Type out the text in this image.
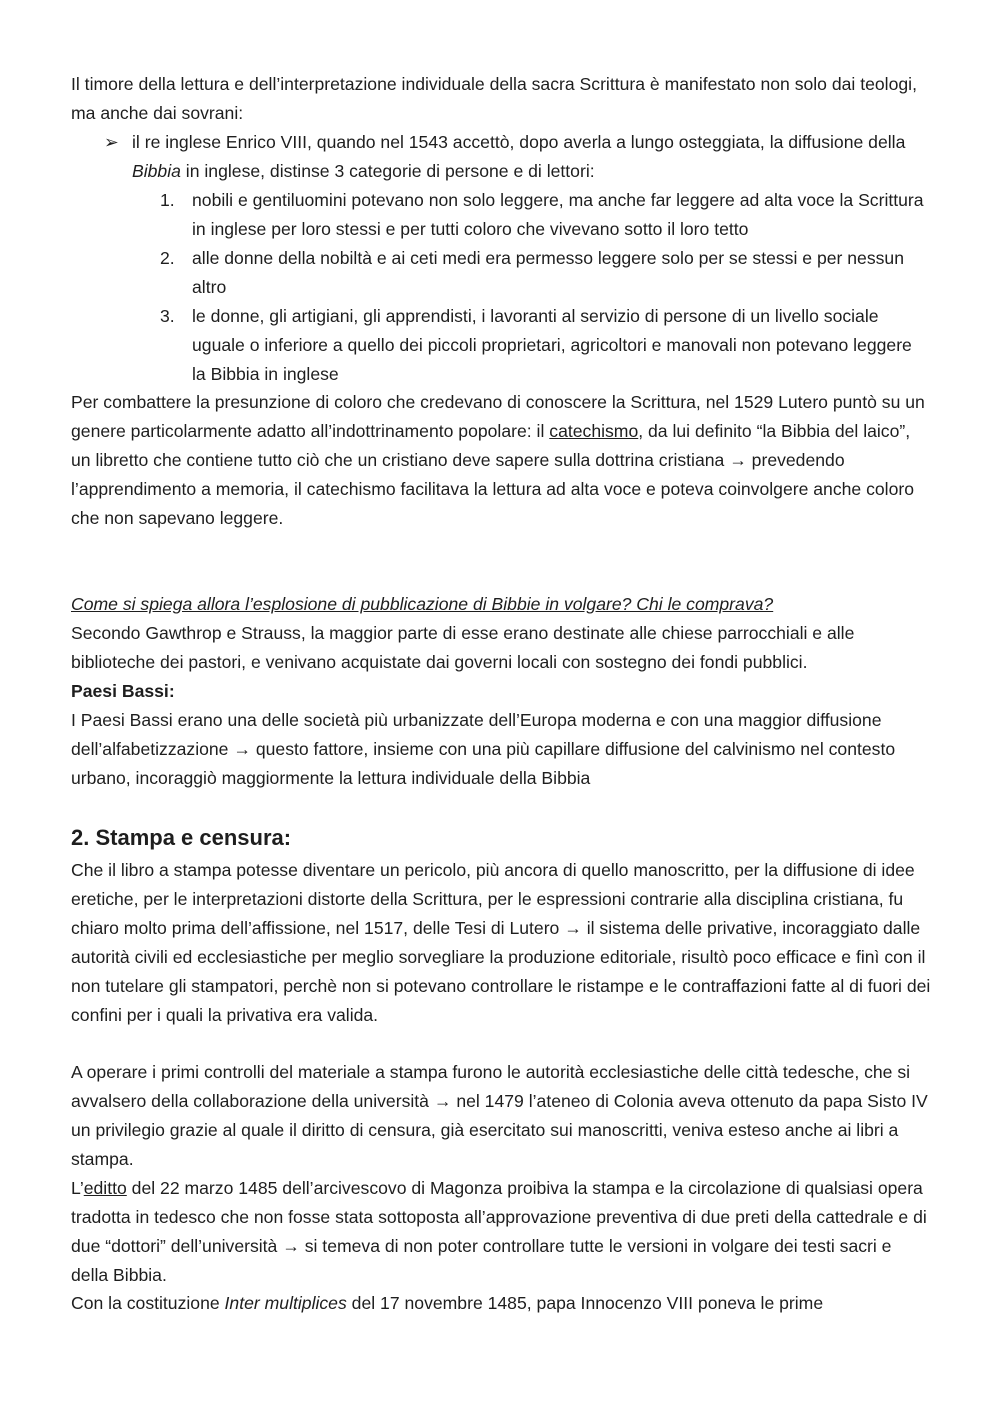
Il timore della lettura e dell’interpretazione individuale della sacra Scrittura è manifestato non solo dai teologi, ma anche dai sovrani:

➢ il re inglese Enrico VIII, quando nel 1543 accettò, dopo averla a lungo osteggiata, la diffusione della Bibbia in inglese, distinse 3 categorie di persone e di lettori:
1. nobili e gentiluomini potevano non solo leggere, ma anche far leggere ad alta voce la Scrittura in inglese per loro stessi e per tutti coloro che vivevano sotto il loro tetto
2. alle donne della nobiltà e ai ceti medi era permesso leggere solo per se stessi e per nessun altro
3. le donne, gli artigiani, gli apprendisti, i lavoranti al servizio di persone di un livello sociale uguale o inferiore a quello dei piccoli proprietari, agricoltori e manovali non potevano leggere la Bibbia in inglese

Per combattere la presunzione di coloro che credevano di conoscere la Scrittura, nel 1529 Lutero puntò su un genere particolarmente adatto all’indottrinamento popolare: il catechismo, da lui definito “la Bibbia del laico”, un libretto che contiene tutto ciò che un cristiano deve sapere sulla dottrina cristiana → prevedendo l’apprendimento a memoria, il catechismo facilitava la lettura ad alta voce e poteva coinvolgere anche coloro che non sapevano leggere.

Come si spiega allora l’esplosione di pubblicazione di Bibbie in volgare? Chi le comprava?

Secondo Gawthrop e Strauss, la maggior parte di esse erano destinate alle chiese parrocchiali e alle biblioteche dei pastori, e venivano acquistate dai governi locali con sostegno dei fondi pubblici.

Paesi Bassi:

I Paesi Bassi erano una delle società più urbanizzate dell’Europa moderna e con una maggior diffusione dell’alfabetizzazione → questo fattore, insieme con una più capillare diffusione del calvinismo nel contesto urbano, incoraggiò maggiormente la lettura individuale della Bibbia

2. Stampa e censura:

Che il libro a stampa potesse diventare un pericolo, più ancora di quello manoscritto, per la diffusione di idee eretiche, per le interpretazioni distorte della Scrittura, per le espressioni contrarie alla disciplina cristiana, fu chiaro molto prima dell’affissione, nel 1517, delle Tesi di Lutero → il sistema delle privative, incoraggiato dalle autorità civili ed ecclesiastiche per meglio sorvegliare la produzione editoriale, risultò poco efficace e finì con il non tutelare gli stampatori, perchè non si potevano controllare le ristampe e le contraffazioni fatte al di fuori dei confini per i quali la privativa era valida.

A operare i primi controlli del materiale a stampa furono le autorità ecclesiastiche delle città tedesche, che si avvalsero della collaborazione della università → nel 1479 l’ateneo di Colonia aveva ottenuto da papa Sisto IV un privilegio grazie al quale il diritto di censura, già esercitato sui manoscritti, veniva esteso anche ai libri a stampa.

L’editto del 22 marzo 1485 dell’arcivescovo di Magonza proibiva la stampa e la circolazione di qualsiasi opera tradotta in tedesco che non fosse stata sottoposta all’approvazione preventiva di due preti della cattedrale e di due “dottori” dell’università → si temeva di non poter controllare tutte le versioni in volgare dei testi sacri e della Bibbia.

Con la costituzione Inter multiplices del 17 novembre 1485, papa Innocenzo VIII poneva le prime
